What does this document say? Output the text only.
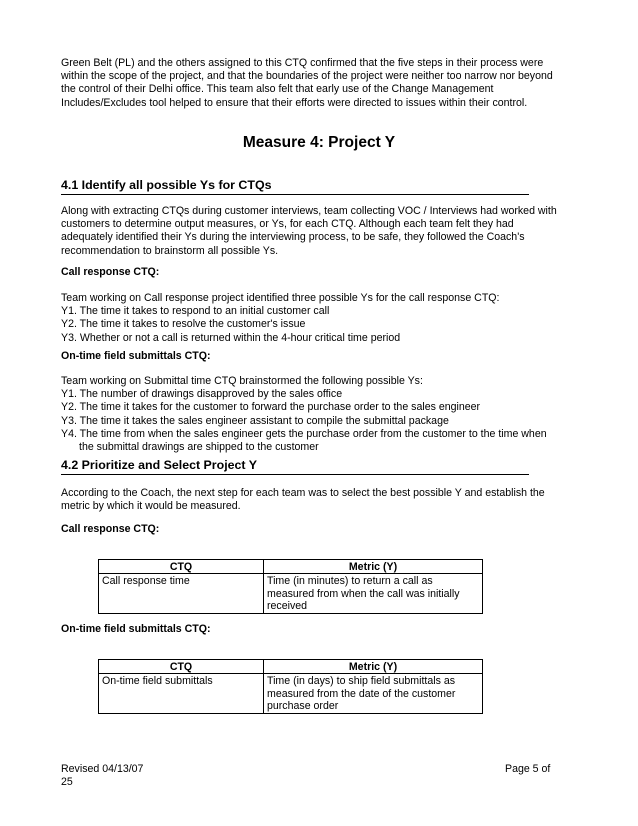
Green Belt (PL) and the others assigned to this CTQ confirmed that the five steps in their process were within the scope of the project, and that the boundaries of the project were neither too narrow nor beyond the control of their Delhi office. This team also felt that early use of the Change Management Includes/Excludes tool helped to ensure that their efforts were directed to issues within their control.

Measure 4: Project Y
4.1 Identify all possible Ys for CTQs

Along with extracting CTQs during customer interviews, team collecting VOC / Interviews had worked with customers to determine output measures, or Ys, for each CTQ. Although each team felt they had adequately identified their Ys during the interviewing process, to be safe, they followed the Coach's recommendation to brainstorm all possible Ys.

Call response CTQ:

Team working on Call response project identified three possible Ys for the call response CTQ:

Y1. The time it takes to respond to an initial customer call

Y2. The time it takes to resolve the customer's issue

Y3. Whether or not a call is returned within the 4-hour critical time period

On-time field submittals CTQ:

Team working on Submittal time CTQ brainstormed the following possible Ys:

Y1. The number of drawings disapproved by the sales office

Y2. The time it takes for the customer to forward the purchase order to the sales engineer

Y3. The time it takes the sales engineer assistant to compile the submittal package

Y4. The time from when the sales engineer gets the purchase order from the customer to the time when the submittal drawings are shipped to the customer

4.2 Prioritize and Select Project Y

According to the Coach, the next step for each team was to select the best possible Y and establish the metric by which it would be measured.

Call response CTQ:

CTQ	Metric (Y)
Call response time	Time (in minutes) to return a call as measured from when the call was initially received

On-time field submittals CTQ:

CTQ	Metric (Y)
On-time field submittals	Time (in days) to ship field submittals as measured from the date of the customer purchase order
Revised 04/13/07
25
Page 5 of
